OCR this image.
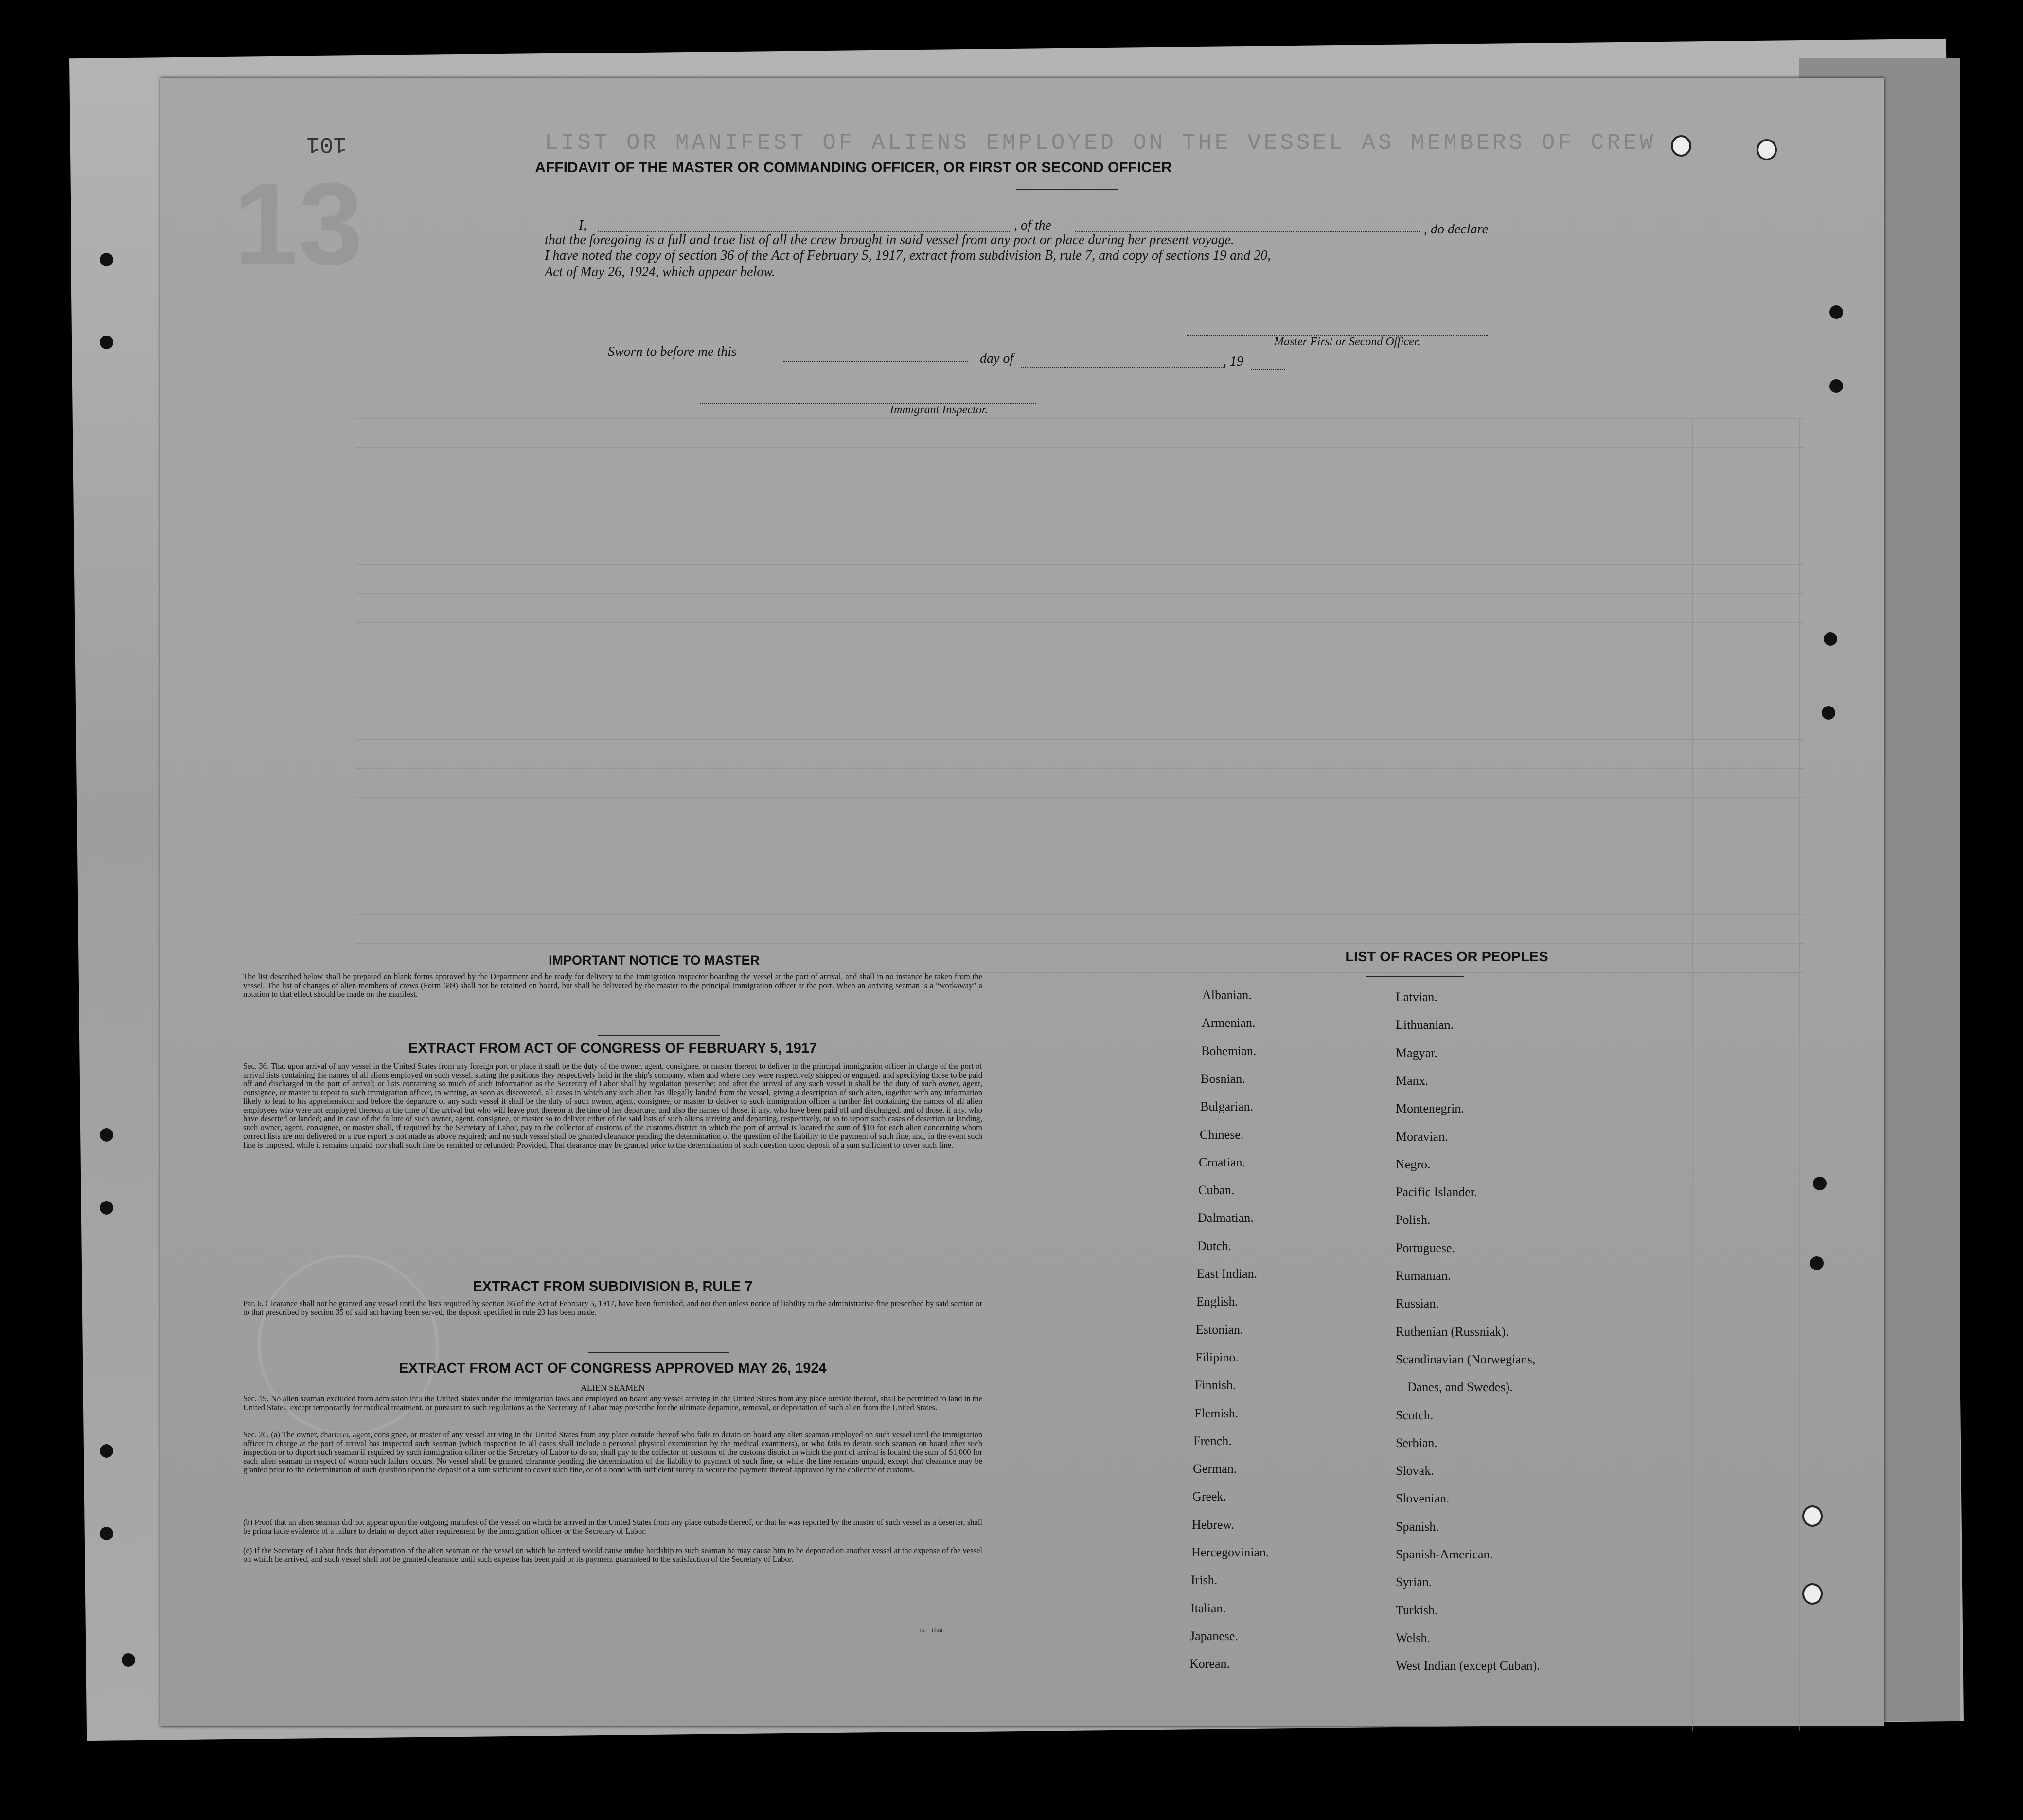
LIST OR MANIFEST OF ALIENS EMPLOYED ON THE VESSEL AS MEMBERS OF CREW
101
13	AFFIDAVIT OF THE MASTER OR COMMANDING OFFICER, OR FIRST OR SECOND OFFICER
I,	, of the	, do declare
that the foregoing is a full and true list of all the crew brought in said vessel from any port or place during her present voyage.
I have noted the copy of section 36 of the Act of February 5, 1917, extract from subdivision B, rule 7, and copy of sections 19 and 20,
Act of May 26, 1924, which appear below.
Master First or Second Officer.
Sworn to before me this	day of	, 19
Immigrant Inspector.
IMPORTANT NOTICE TO MASTER
The list described below shall be prepared on blank forms approved by the Department and be ready for delivery to the immigration inspector boarding the vessel at the port of arrival, and shall in no instance be taken from the vessel. The list of changes of alien members of crews (Form 689) shall not be retained on board, but shall be delivered by the master to the principal immigration officer at the port. When an arriving seaman is a “workaway” a notation to that effect should be made on the manifest.
EXTRACT FROM ACT OF CONGRESS OF FEBRUARY 5, 1917
Sec. 36. That upon arrival of any vessel in the United States from any foreign port or place it shall be the duty of the owner, agent, consignee, or master thereof to deliver to the principal immigration officer in charge of the port of arrival lists containing the names of all aliens employed on such vessel, stating the positions they respectively hold in the ship's company, when and where they were respectively shipped or engaged, and specifying those to be paid off and discharged in the port of arrival; or lists containing so much of such information as the Secretary of Labor shall by regulation prescribe; and after the arrival of any such vessel it shall be the duty of such owner, agent, consignee, or master to report to such immigration officer, in writing, as soon as discovered, all cases in which any such alien has illegally landed from the vessel, giving a description of such alien, together with any information likely to lead to his apprehension; and before the departure of any such vessel it shall be the duty of such owner, agent, consignee, or master to deliver to such immigration officer a further list containing the names of all alien employees who were not employed thereon at the time of the arrival but who will leave port thereon at the time of her departure, and also the names of those, if any, who have been paid off and discharged, and of those, if any, who have deserted or landed; and in case of the failure of such owner, agent, consignee, or master so to deliver either of the said lists of such aliens arriving and departing, respectively, or so to report such cases of desertion or landing, such owner, agent, consignee, or master shall, if required by the Secretary of Labor, pay to the collector of customs of the customs district in which the port of arrival is located the sum of $10 for each alien concerning whom correct lists are not delivered or a true report is not made as above required; and no such vessel shall be granted clearance pending the determination of the question of the liability to the payment of such fine, and, in the event such fine is imposed, while it remains unpaid; nor shall such fine be remitted or refunded: Provided, That clearance may be granted prior to the determination of such question upon deposit of a sum sufficient to cover such fine.
EXTRACT FROM SUBDIVISION B, RULE 7
Par. 6. Clearance shall not be granted any vessel until the lists required by section 36 of the Act of February 5, 1917, have been furnished, and not then unless notice of liability to the administrative fine prescribed by said section or to that prescribed by section 35 of said act having been served, the deposit specified in rule 23 has been made.
EXTRACT FROM ACT OF CONGRESS APPROVED MAY 26, 1924
ALIEN SEAMEN
Sec. 19. No alien seaman excluded from admission into the United States under the immigration laws and employed on board any vessel arriving in the United States from any place outside thereof, shall be permitted to land in the United States, except temporarily for medical treatment, or pursuant to such regulations as the Secretary of Labor may prescribe for the ultimate departure, removal, or deportation of such alien from the United States.
Sec. 20. (a) The owner, charterer, agent, consignee, or master of any vessel arriving in the United States from any place outside thereof who fails to detain on board any alien seaman employed on such vessel until the immigration officer in charge at the port of arrival has inspected such seaman (which inspection in all cases shall include a personal physical examination by the medical examiners), or who fails to detain such seaman on board after such inspection or to deport such seaman if required by such immigration officer or the Secretary of Labor to do so, shall pay to the collector of customs of the customs district in which the port of arrival is located the sum of $1,000 for each alien seaman in respect of whom such failure occurs. No vessel shall be granted clearance pending the determination of the liability to payment of such fine, or while the fine remains unpaid, except that clearance may be granted prior to the determination of such question upon the deposit of a sum sufficient to cover such fine, or of a bond with sufficient surety to secure the payment thereof approved by the collector of customs.
(b) Proof that an alien seaman did not appear upon the outgoing manifest of the vessel on which he arrived in the United States from any place outside thereof, or that he was reported by the master of such vessel as a deserter, shall be prima facie evidence of a failure to detain or deport after requirement by the immigration officer or the Secretary of Labor.
(c) If the Secretary of Labor finds that deportation of the alien seaman on the vessel on which he arrived would cause undue hardship to such seaman he may cause him to be deported on another vessel at the expense of the vessel on which he arrived, and such vessel shall not be granted clearance until such expense has been paid or its payment guaranteed to the satisfaction of the Secretary of Labor.
14—1240
LIST OF RACES OR PEOPLES
Albanian.
Armenian.
Bohemian.
Bosnian.
Bulgarian.
Chinese.
Croatian.
Cuban.
Dalmatian.
Dutch.
East Indian.
English.
Estonian.
Filipino.
Finnish.
Flemish.
French.
German.
Greek.
Hebrew.
Hercegovinian.
Irish.
Italian.
Japanese.
Korean.
Latvian.
Lithuanian.
Magyar.
Manx.
Montenegrin.
Moravian.
Negro.
Pacific Islander.
Polish.
Portuguese.
Rumanian.
Russian.
Ruthenian (Russniak).
Scandinavian (Norwegians,
Danes, and Swedes).
Scotch.
Serbian.
Slovak.
Slovenian.
Spanish.
Spanish-American.
Syrian.
Turkish.
Welsh.
West Indian (except Cuban).
